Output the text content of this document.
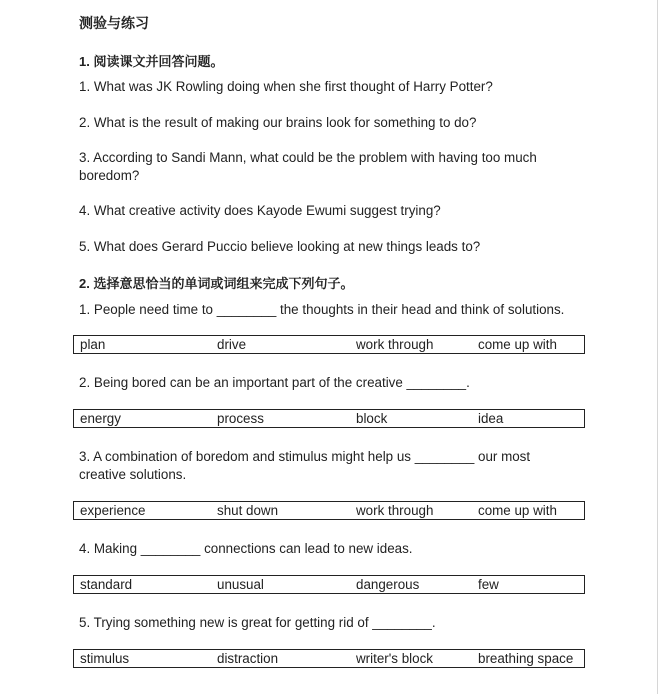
测验与练习
1. 阅读课文并回答问题。
1. What was JK Rowling doing when she first thought of Harry Potter?
2. What is the result of making our brains look for something to do?
3. According to Sandi Mann, what could be the problem with having too much boredom?
4. What creative activity does Kayode Ewumi suggest trying?
5. What does Gerard Puccio believe looking at new things leads to?
2. 选择意思恰当的单词或词组来完成下列句子。
1. People need time to ________ the thoughts in their head and think of solutions.
plan	drive	work through	come up with
2. Being bored can be an important part of the creative ________.
energy	process	block	idea
3. A combination of boredom and stimulus might help us ________ our most creative solutions.
experience	shut down	work through	come up with
4. Making ________ connections can lead to new ideas.
standard	unusual	dangerous	few
5. Trying something new is great for getting rid of ________.
stimulus	distraction	writer's block	breathing space
